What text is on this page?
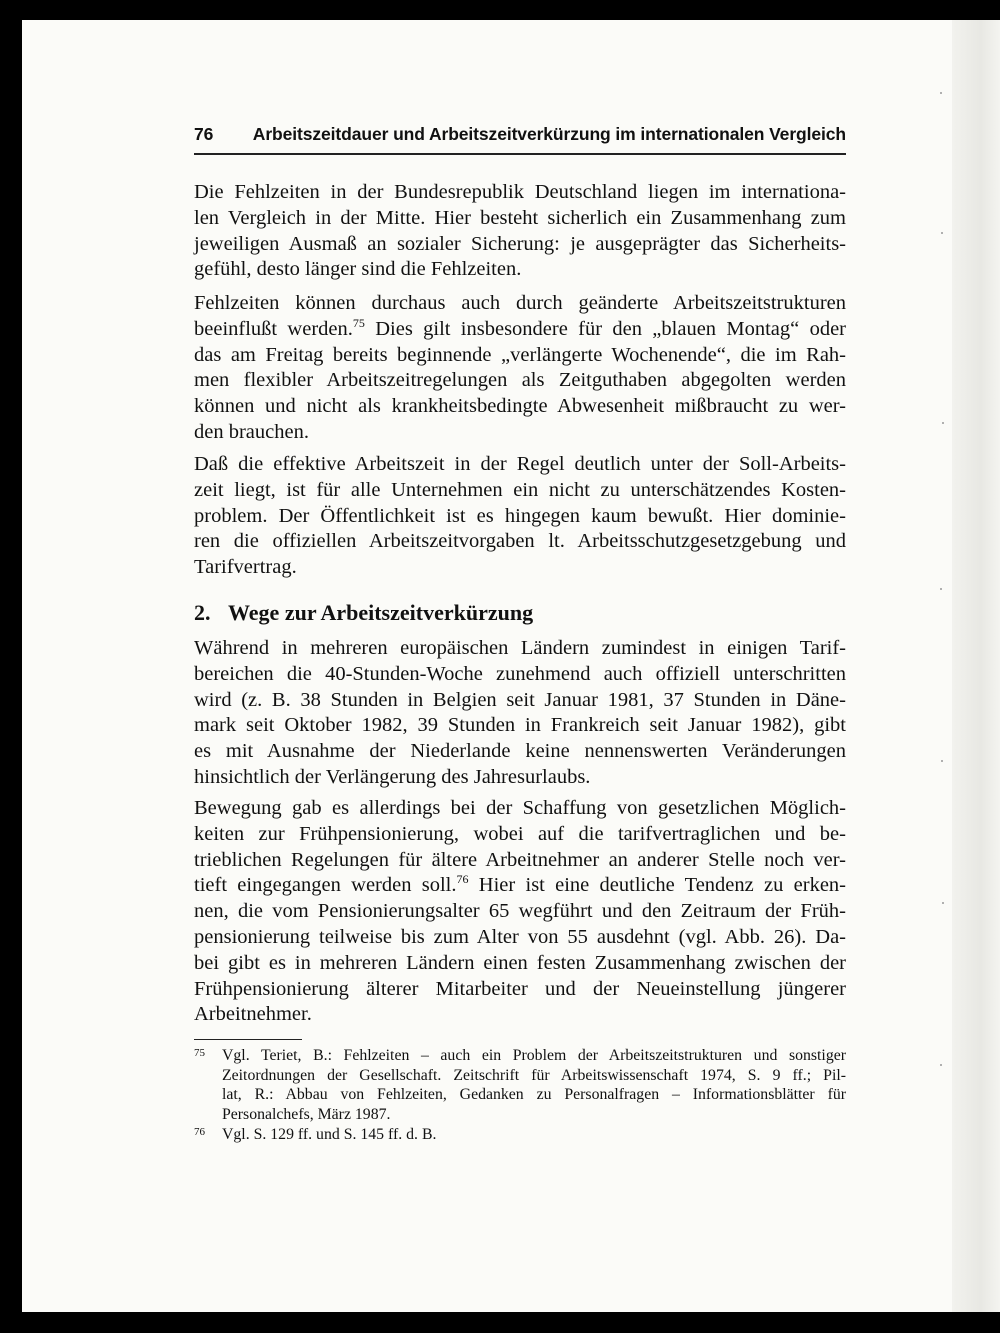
76 Arbeitszeitdauer und Arbeitszeitverkürzung im internationalen Vergleich
Die Fehlzeiten in der Bundesrepublik Deutschland liegen im internationa-
len Vergleich in der Mitte. Hier besteht sicherlich ein Zusammenhang zum
jeweiligen Ausmaß an sozialer Sicherung: je ausgeprägter das Sicherheits-
gefühl, desto länger sind die Fehlzeiten.
Fehlzeiten können durchaus auch durch geänderte Arbeitszeitstrukturen
beeinflußt werden.$^{75}$ Dies gilt insbesondere für den „blauen Montag“ oder
das am Freitag bereits beginnende „verlängerte Wochenende“, die im Rah-
men flexibler Arbeitszeitregelungen als Zeitguthaben abgegolten werden
können und nicht als krankheitsbedingte Abwesenheit mißbraucht zu wer-
den brauchen.
Daß die effektive Arbeitszeit in der Regel deutlich unter der Soll-Arbeits-
zeit liegt, ist für alle Unternehmen ein nicht zu unterschätzendes Kosten-
problem. Der Öffentlichkeit ist es hingegen kaum bewußt. Hier dominie-
ren die offiziellen Arbeitszeitvorgaben lt. Arbeitsschutzgesetzgebung und
Tarifvertrag.
2. Wege zur Arbeitszeitverkürzung
Während in mehreren europäischen Ländern zumindest in einigen Tarif-
bereichen die 40-Stunden-Woche zunehmend auch offiziell unterschritten
wird (z. B. 38 Stunden in Belgien seit Januar 1981, 37 Stunden in Däne-
mark seit Oktober 1982, 39 Stunden in Frankreich seit Januar 1982), gibt
es mit Ausnahme der Niederlande keine nennenswerten Veränderungen
hinsichtlich der Verlängerung des Jahresurlaubs.
Bewegung gab es allerdings bei der Schaffung von gesetzlichen Möglich-
keiten zur Frühpensionierung, wobei auf die tarifvertraglichen und be-
trieblichen Regelungen für ältere Arbeitnehmer an anderer Stelle noch ver-
tieft eingegangen werden soll.$^{76}$ Hier ist eine deutliche Tendenz zu erken-
nen, die vom Pensionierungsalter 65 wegführt und den Zeitraum der Früh-
pensionierung teilweise bis zum Alter von 55 ausdehnt (vgl. Abb. 26). Da-
bei gibt es in mehreren Ländern einen festen Zusammenhang zwischen der
Frühpensionierung älterer Mitarbeiter und der Neueinstellung jüngerer
Arbeitnehmer.
75 Vgl. Teriet, B.: Fehlzeiten – auch ein Problem der Arbeitszeitstrukturen und sonstiger
Zeitordnungen der Gesellschaft. Zeitschrift für Arbeitswissenschaft 1974, S. 9 ff.; Pil-
lat, R.: Abbau von Fehlzeiten, Gedanken zu Personalfragen – Informationsblätter für
Personalchefs, März 1987.
76 Vgl. S. 129 ff. und S. 145 ff. d. B.
